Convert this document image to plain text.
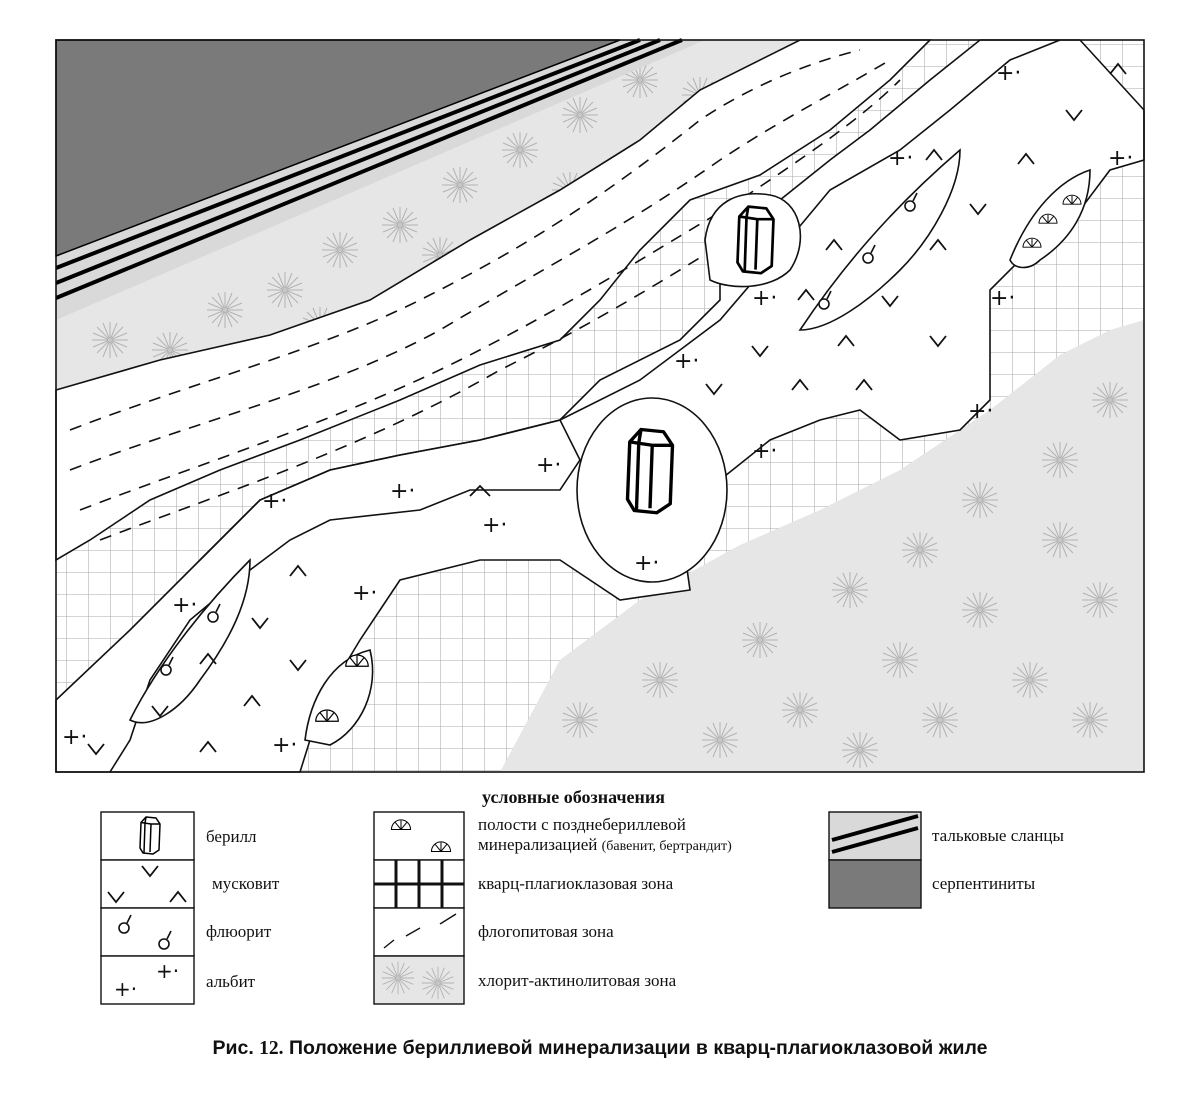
+·
+·	+·
+·	+·
+·
+·
+·
+·
+·
+·
+·
+·
+·
+·
+·	+·
+·
+·
условные обозначения
берилл
мусковит
флюорит
альбит
полости с позднебериллевой
минерализацией (бавенит, бертрандит)
кварц-плагиоклазовая зона
флогопитовая зона
хлорит-актинолитовая зона
тальковые сланцы
серпентиниты
Рис. 12. Положение бериллиевой минерализации в кварц-плагиоклазовой жиле
